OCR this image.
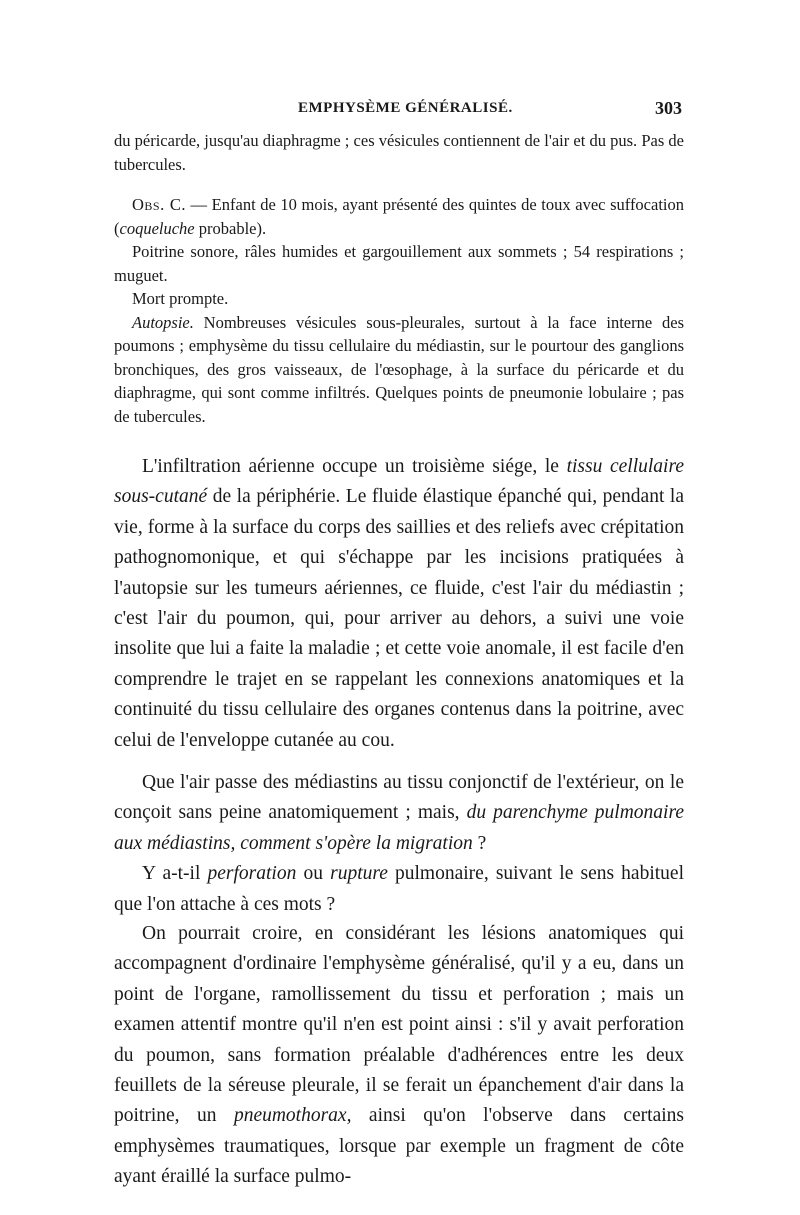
EMPHYSÈME GÉNÉRALISÉ.	303

du péricarde, jusqu'au diaphragme ; ces vésicules contiennent de l'air et du pus. Pas de tubercules.

Obs. C. — Enfant de 10 mois, ayant présenté des quintes de toux avec suffocation (coqueluche probable).

Poitrine sonore, râles humides et gargouillement aux sommets ; 54 respirations ; muguet.

Mort prompte.

Autopsie. Nombreuses vésicules sous-pleurales, surtout à la face interne des poumons ; emphysème du tissu cellulaire du médiastin, sur le pourtour des ganglions bronchiques, des gros vaisseaux, de l'œsophage, à la surface du péricarde et du diaphragme, qui sont comme infiltrés. Quelques points de pneumonie lobulaire ; pas de tubercules.

L'infiltration aérienne occupe un troisième siége, le tissu cellulaire sous-cutané de la périphérie. Le fluide élastique épanché qui, pendant la vie, forme à la surface du corps des saillies et des reliefs avec crépitation pathognomonique, et qui s'échappe par les incisions pratiquées à l'autopsie sur les tumeurs aériennes, ce fluide, c'est l'air du médiastin ; c'est l'air du poumon, qui, pour arriver au dehors, a suivi une voie insolite que lui a faite la maladie ; et cette voie anomale, il est facile d'en comprendre le trajet en se rappelant les connexions anatomiques et la continuité du tissu cellulaire des organes contenus dans la poitrine, avec celui de l'enveloppe cutanée au cou.

Que l'air passe des médiastins au tissu conjonctif de l'extérieur, on le conçoit sans peine anatomiquement ; mais, du parenchyme pulmonaire aux médiastins, comment s'opère la migration ?

Y a-t-il perforation ou rupture pulmonaire, suivant le sens habituel que l'on attache à ces mots ?

On pourrait croire, en considérant les lésions anatomiques qui accompagnent d'ordinaire l'emphysème généralisé, qu'il y a eu, dans un point de l'organe, ramollissement du tissu et perforation ; mais un examen attentif montre qu'il n'en est point ainsi : s'il y avait perforation du poumon, sans formation préalable d'adhérences entre les deux feuillets de la séreuse pleurale, il se ferait un épanchement d'air dans la poitrine, un pneumothorax, ainsi qu'on l'observe dans certains emphysèmes traumatiques, lorsque par exemple un fragment de côte ayant éraillé la surface pulmo-
